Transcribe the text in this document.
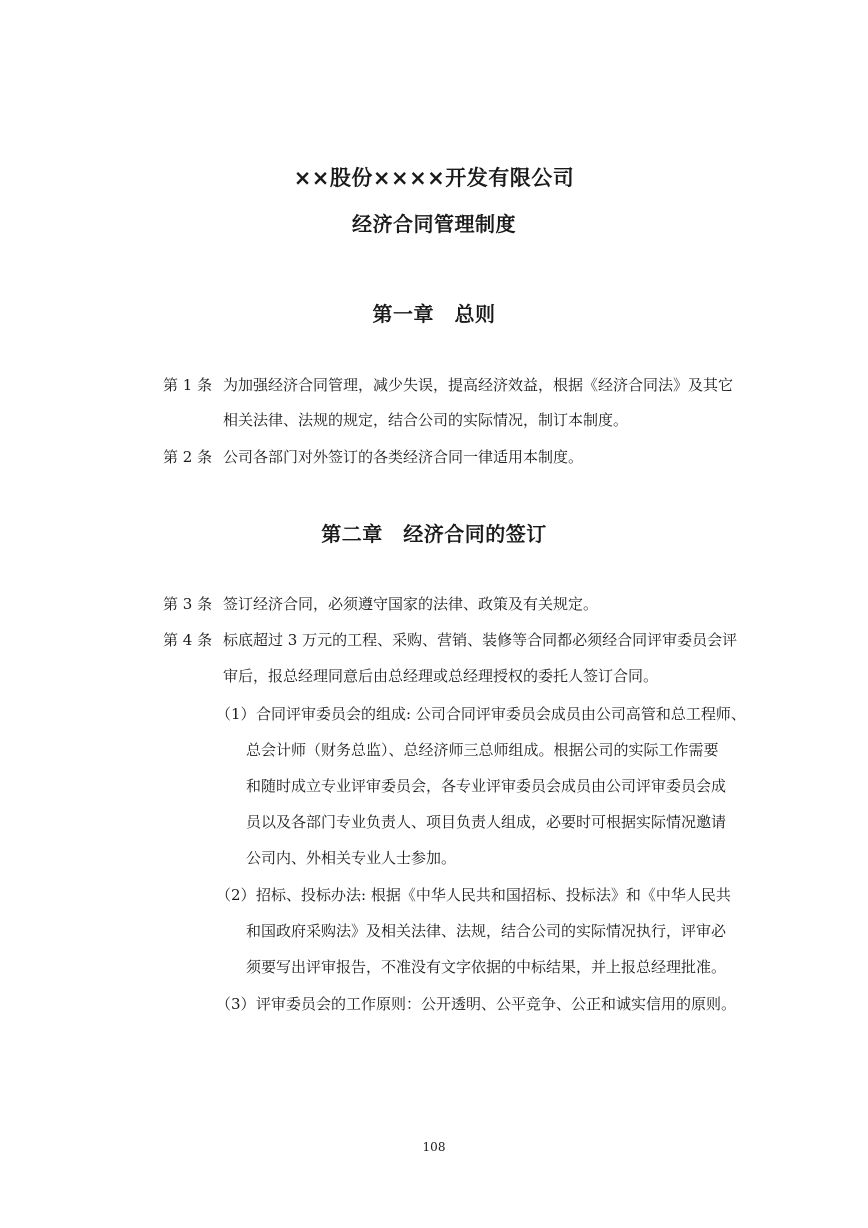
××股份××××开发有限公司
经济合同管理制度
第一章　总则
第 1 条 为加强经济合同管理，减少失误，提高经济效益，根据《经济合同法》及其它
相关法律、法规的规定，结合公司的实际情况，制订本制度。
第 2 条 公司各部门对外签订的各类经济合同一律适用本制度。
第二章　经济合同的签订
第 3 条 签订经济合同，必须遵守国家的法律、政策及有关规定。
第 4 条 标底超过 3 万元的工程、采购、营销、装修等合同都必须经合同评审委员会评
审后，报总经理同意后由总经理或总经理授权的委托人签订合同。
（1） 合同评审委员会的组成: 公司合同评审委员会成员由公司高管和总工程师、
总会计师（财务总监）、总经济师三总师组成。根据公司的实际工作需要
和随时成立专业评审委员会，各专业评审委员会成员由公司评审委员会成
员以及各部门专业负责人、项目负责人组成，必要时可根据实际情况邀请
公司内、外相关专业人士参加。
（2） 招标、投标办法: 根据《中华人民共和国招标、投标法》和《中华人民共
和国政府采购法》及相关法律、法规，结合公司的实际情况执行，评审必
须要写出评审报告，不准没有文字依据的中标结果，并上报总经理批准。
（3） 评审委员会的工作原则：公开透明、公平竞争、公正和诚实信用的原则。
108
